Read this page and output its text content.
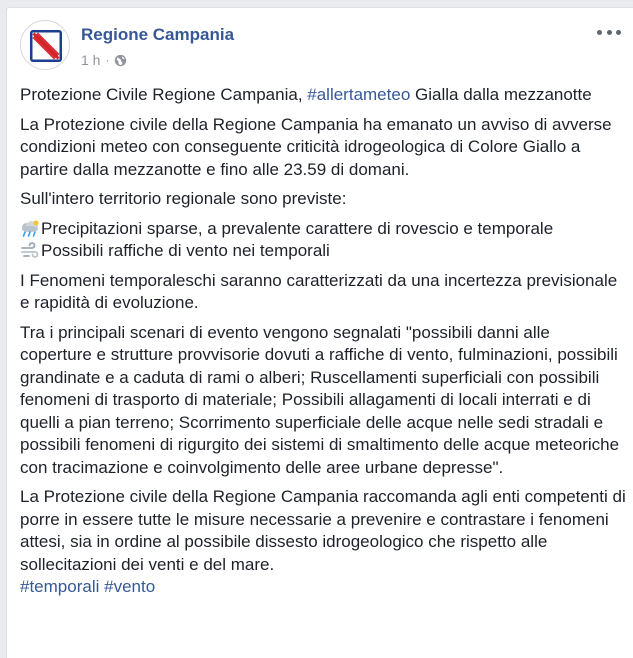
Regione Campania
1 h ·

Protezione Civile Regione Campania, #allertameteo Gialla dalla mezzanotte

La Protezione civile della Regione Campania ha emanato un avviso di avverse condizioni meteo con conseguente criticità idrogeologica di Colore Giallo a partire dalla mezzanotte e fino alle 23.59 di domani.

Sull'intero territorio regionale sono previste:

Precipitazioni sparse, a prevalente carattere di rovescio e temporale
Possibili raffiche di vento nei temporali

I Fenomeni temporaleschi saranno caratterizzati da una incertezza previsionale e rapidità di evoluzione.

Tra i principali scenari di evento vengono segnalati "possibili danni alle coperture e strutture provvisorie dovuti a raffiche di vento, fulminazioni, possibili grandinate e a caduta di rami o alberi; Ruscellamenti superficiali con possibili fenomeni di trasporto di materiale; Possibili allagamenti di locali interrati e di quelli a pian terreno; Scorrimento superficiale delle acque nelle sedi stradali e possibili fenomeni di rigurgito dei sistemi di smaltimento delle acque meteoriche con tracimazione e coinvolgimento delle aree urbane depresse".

La Protezione civile della Regione Campania raccomanda agli enti competenti di porre in essere tutte le misure necessarie a prevenire e contrastare i fenomeni attesi, sia in ordine al possibile dissesto idrogeologico che rispetto alle sollecitazioni dei venti e del mare.

#temporali #vento
